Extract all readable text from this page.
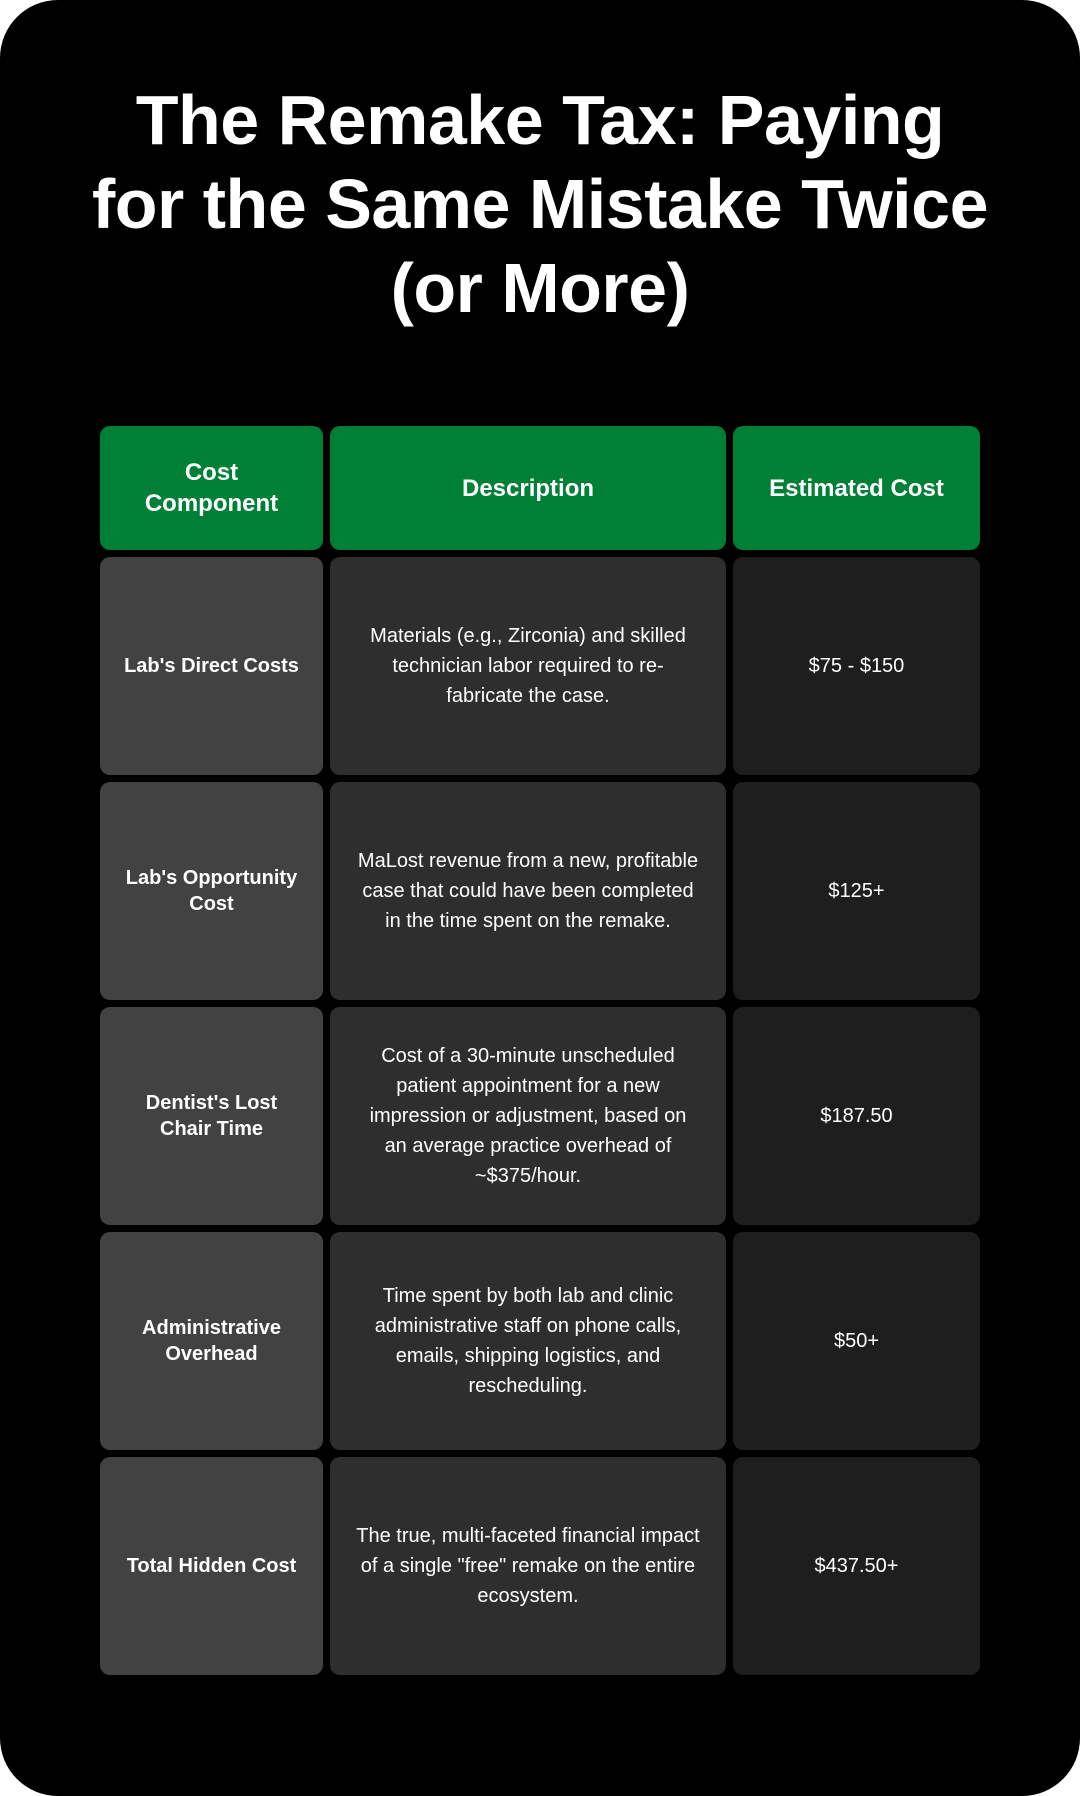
The Remake Tax: Paying for the Same Mistake Twice (or More)
Cost Component
Description	Estimated Cost
Lab's Direct Costs
Materials (e.g., Zirconia) and skilled technician labor required to re-fabricate the case.
$75 - $150
Lab's Opportunity Cost
MaLost revenue from a new, profitable case that could have been completed in the time spent on the remake.
$125+
Dentist's Lost Chair Time
Cost of a 30-minute unscheduled patient appointment for a new impression or adjustment, based on an average practice overhead of ~$375/hour.
$187.50
Administrative Overhead
Time spent by both lab and clinic administrative staff on phone calls, emails, shipping logistics, and rescheduling.
$50+
Total Hidden Cost
The true, multi-faceted financial impact of a single "free" remake on the entire ecosystem.
$437.50+
